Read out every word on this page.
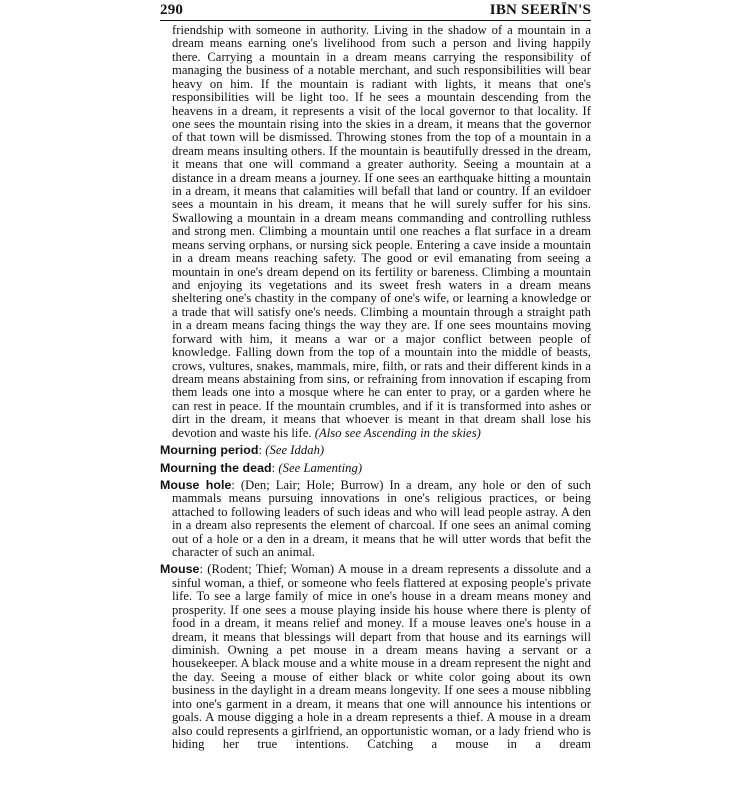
290	IBN SEERĪN'S

friendship with someone in authority. Living in the shadow of a mountain in a dream means earning one's livelihood from such a person and living happily there. Carrying a mountain in a dream means carrying the responsibility of managing the business of a notable merchant, and such responsibilities will bear heavy on him. If the mountain is radiant with lights, it means that one's responsibilities will be light too. If he sees a mountain descending from the heavens in a dream, it represents a visit of the local governor to that locality. If one sees the mountain rising into the skies in a dream, it means that the governor of that town will be dismissed. Throwing stones from the top of a mountain in a dream means insulting others. If the mountain is beautifully dressed in the dream, it means that one will command a greater authority. Seeing a mountain at a distance in a dream means a journey. If one sees an earthquake hitting a mountain in a dream, it means that calamities will befall that land or country. If an evildoer sees a mountain in his dream, it means that he will surely suffer for his sins. Swallowing a mountain in a dream means commanding and controlling ruthless and strong men. Climbing a mountain until one reaches a flat surface in a dream means serving orphans, or nursing sick people. Entering a cave inside a mountain in a dream means reaching safety. The good or evil emanating from seeing a mountain in one's dream depend on its fertility or bareness. Climbing a mountain and enjoying its vegetations and its sweet fresh waters in a dream means sheltering one's chastity in the company of one's wife, or learning a knowledge or a trade that will satisfy one's needs. Climbing a mountain through a straight path in a dream means facing things the way they are. If one sees mountains moving forward with him, it means a war or a major conflict between people of knowledge. Falling down from the top of a mountain into the middle of beasts, crows, vultures, snakes, mammals, mire, filth, or rats and their different kinds in a dream means abstaining from sins, or refraining from innovation if escaping from them leads one into a mosque where he can enter to pray, or a garden where he can rest in peace. If the mountain crumbles, and if it is transformed into ashes or dirt in the dream, it means that whoever is meant in that dream shall lose his devotion and waste his life. (Also see Ascending in the skies)

Mourning period: (See Iddah)

Mourning the dead: (See Lamenting)

Mouse hole: (Den; Lair; Hole; Burrow) In a dream, any hole or den of such mammals means pursuing innovations in one's religious practices, or being attached to following leaders of such ideas and who will lead people astray. A den in a dream also represents the element of charcoal. If one sees an animal coming out of a hole or a den in a dream, it means that he will utter words that befit the character of such an animal.

Mouse: (Rodent; Thief; Woman) A mouse in a dream represents a dissolute and a sinful woman, a thief, or someone who feels flattered at exposing people's private life. To see a large family of mice in one's house in a dream means money and prosperity. If one sees a mouse playing inside his house where there is plenty of food in a dream, it means relief and money. If a mouse leaves one's house in a dream, it means that blessings will depart from that house and its earnings will diminish. Owning a pet mouse in a dream means having a servant or a housekeeper. A black mouse and a white mouse in a dream represent the night and the day. Seeing a mouse of either black or white color going about its own business in the daylight in a dream means longevity. If one sees a mouse nibbling into one's garment in a dream, it means that one will announce his intentions or goals. A mouse digging a hole in a dream represents a thief. A mouse in a dream also could represents a girlfriend, an opportunistic woman, or a lady friend who is hiding her true intentions. Catching a mouse in a dream
